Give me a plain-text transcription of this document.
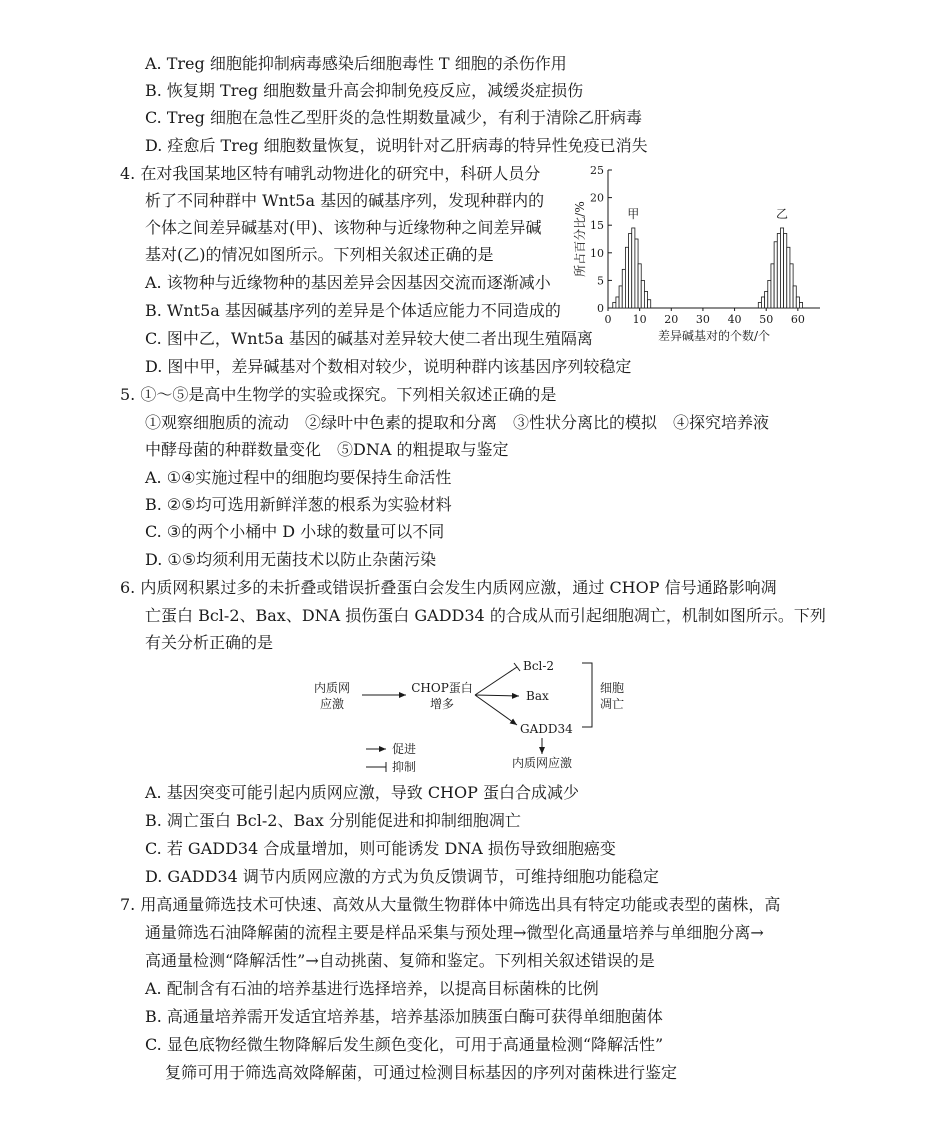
A. Treg 细胞能抑制病毒感染后细胞毒性 T 细胞的杀伤作用
B. 恢复期 Treg 细胞数量升高会抑制免疫反应，减缓炎症损伤
C. Treg 细胞在急性乙型肝炎的急性期数量减少，有利于清除乙肝病毒
D. 痊愈后 Treg 细胞数量恢复，说明针对乙肝病毒的特异性免疫已消失
4. 在对我国某地区特有哺乳动物进化的研究中，科研人员分
析了不同种群中 Wnt5a 基因的碱基序列，发现种群内的
个体之间差异碱基对(甲)、该物种与近缘物种之间差异碱
基对(乙)的情况如图所示。下列相关叙述正确的是
A. 该物种与近缘物种的基因差异会因基因交流而逐渐减小
B. Wnt5a 基因碱基序列的差异是个体适应能力不同造成的
C. 图中乙，Wnt5a 基因的碱基对差异较大使二者出现生殖隔离
D. 图中甲，差异碱基对个数相对较少，说明种群内该基因序列较稳定
0
5
10
15
20
25
0 10 20 30 40 50 60
甲	乙
差异碱基对的个数/个
所占百分比/%
5. ①～⑤是高中生物学的实验或探究。下列相关叙述正确的是
①观察细胞质的流动　②绿叶中色素的提取和分离　③性状分离比的模拟　④探究培养液
中酵母菌的种群数量变化　⑤DNA 的粗提取与鉴定
A. ①④实施过程中的细胞均要保持生命活性
B. ②⑤均可选用新鲜洋葱的根系为实验材料
C. ③的两个小桶中 D 小球的数量可以不同
D. ①⑤均须利用无菌技术以防止杂菌污染
6. 内质网积累过多的未折叠或错误折叠蛋白会发生内质网应激，通过 CHOP 信号通路影响凋
亡蛋白 Bcl-2、Bax、DNA 损伤蛋白 GADD34 的合成从而引起细胞凋亡，机制如图所示。下列
有关分析正确的是
内质网
应激
CHOP蛋白
增多
Bcl-2
Bax
GADD34
细胞
凋亡
内质网应激
促进
抑制
A. 基因突变可能引起内质网应激，导致 CHOP 蛋白合成减少
B. 凋亡蛋白 Bcl-2、Bax 分别能促进和抑制细胞凋亡
C. 若 GADD34 合成量增加，则可能诱发 DNA 损伤导致细胞癌变
D. GADD34 调节内质网应激的方式为负反馈调节，可维持细胞功能稳定
7. 用高通量筛选技术可快速、高效从大量微生物群体中筛选出具有特定功能或表型的菌株，高
通量筛选石油降解菌的流程主要是样品采集与预处理→微型化高通量培养与单细胞分离→
高通量检测“降解活性”→自动挑菌、复筛和鉴定。下列相关叙述错误的是
A. 配制含有石油的培养基进行选择培养，以提高目标菌株的比例
B. 高通量培养需开发适宜培养基，培养基添加胰蛋白酶可获得单细胞菌体
C. 显色底物经微生物降解后发生颜色变化，可用于高通量检测“降解活性”
复筛可用于筛选高效降解菌，可通过检测目标基因的序列对菌株进行鉴定
